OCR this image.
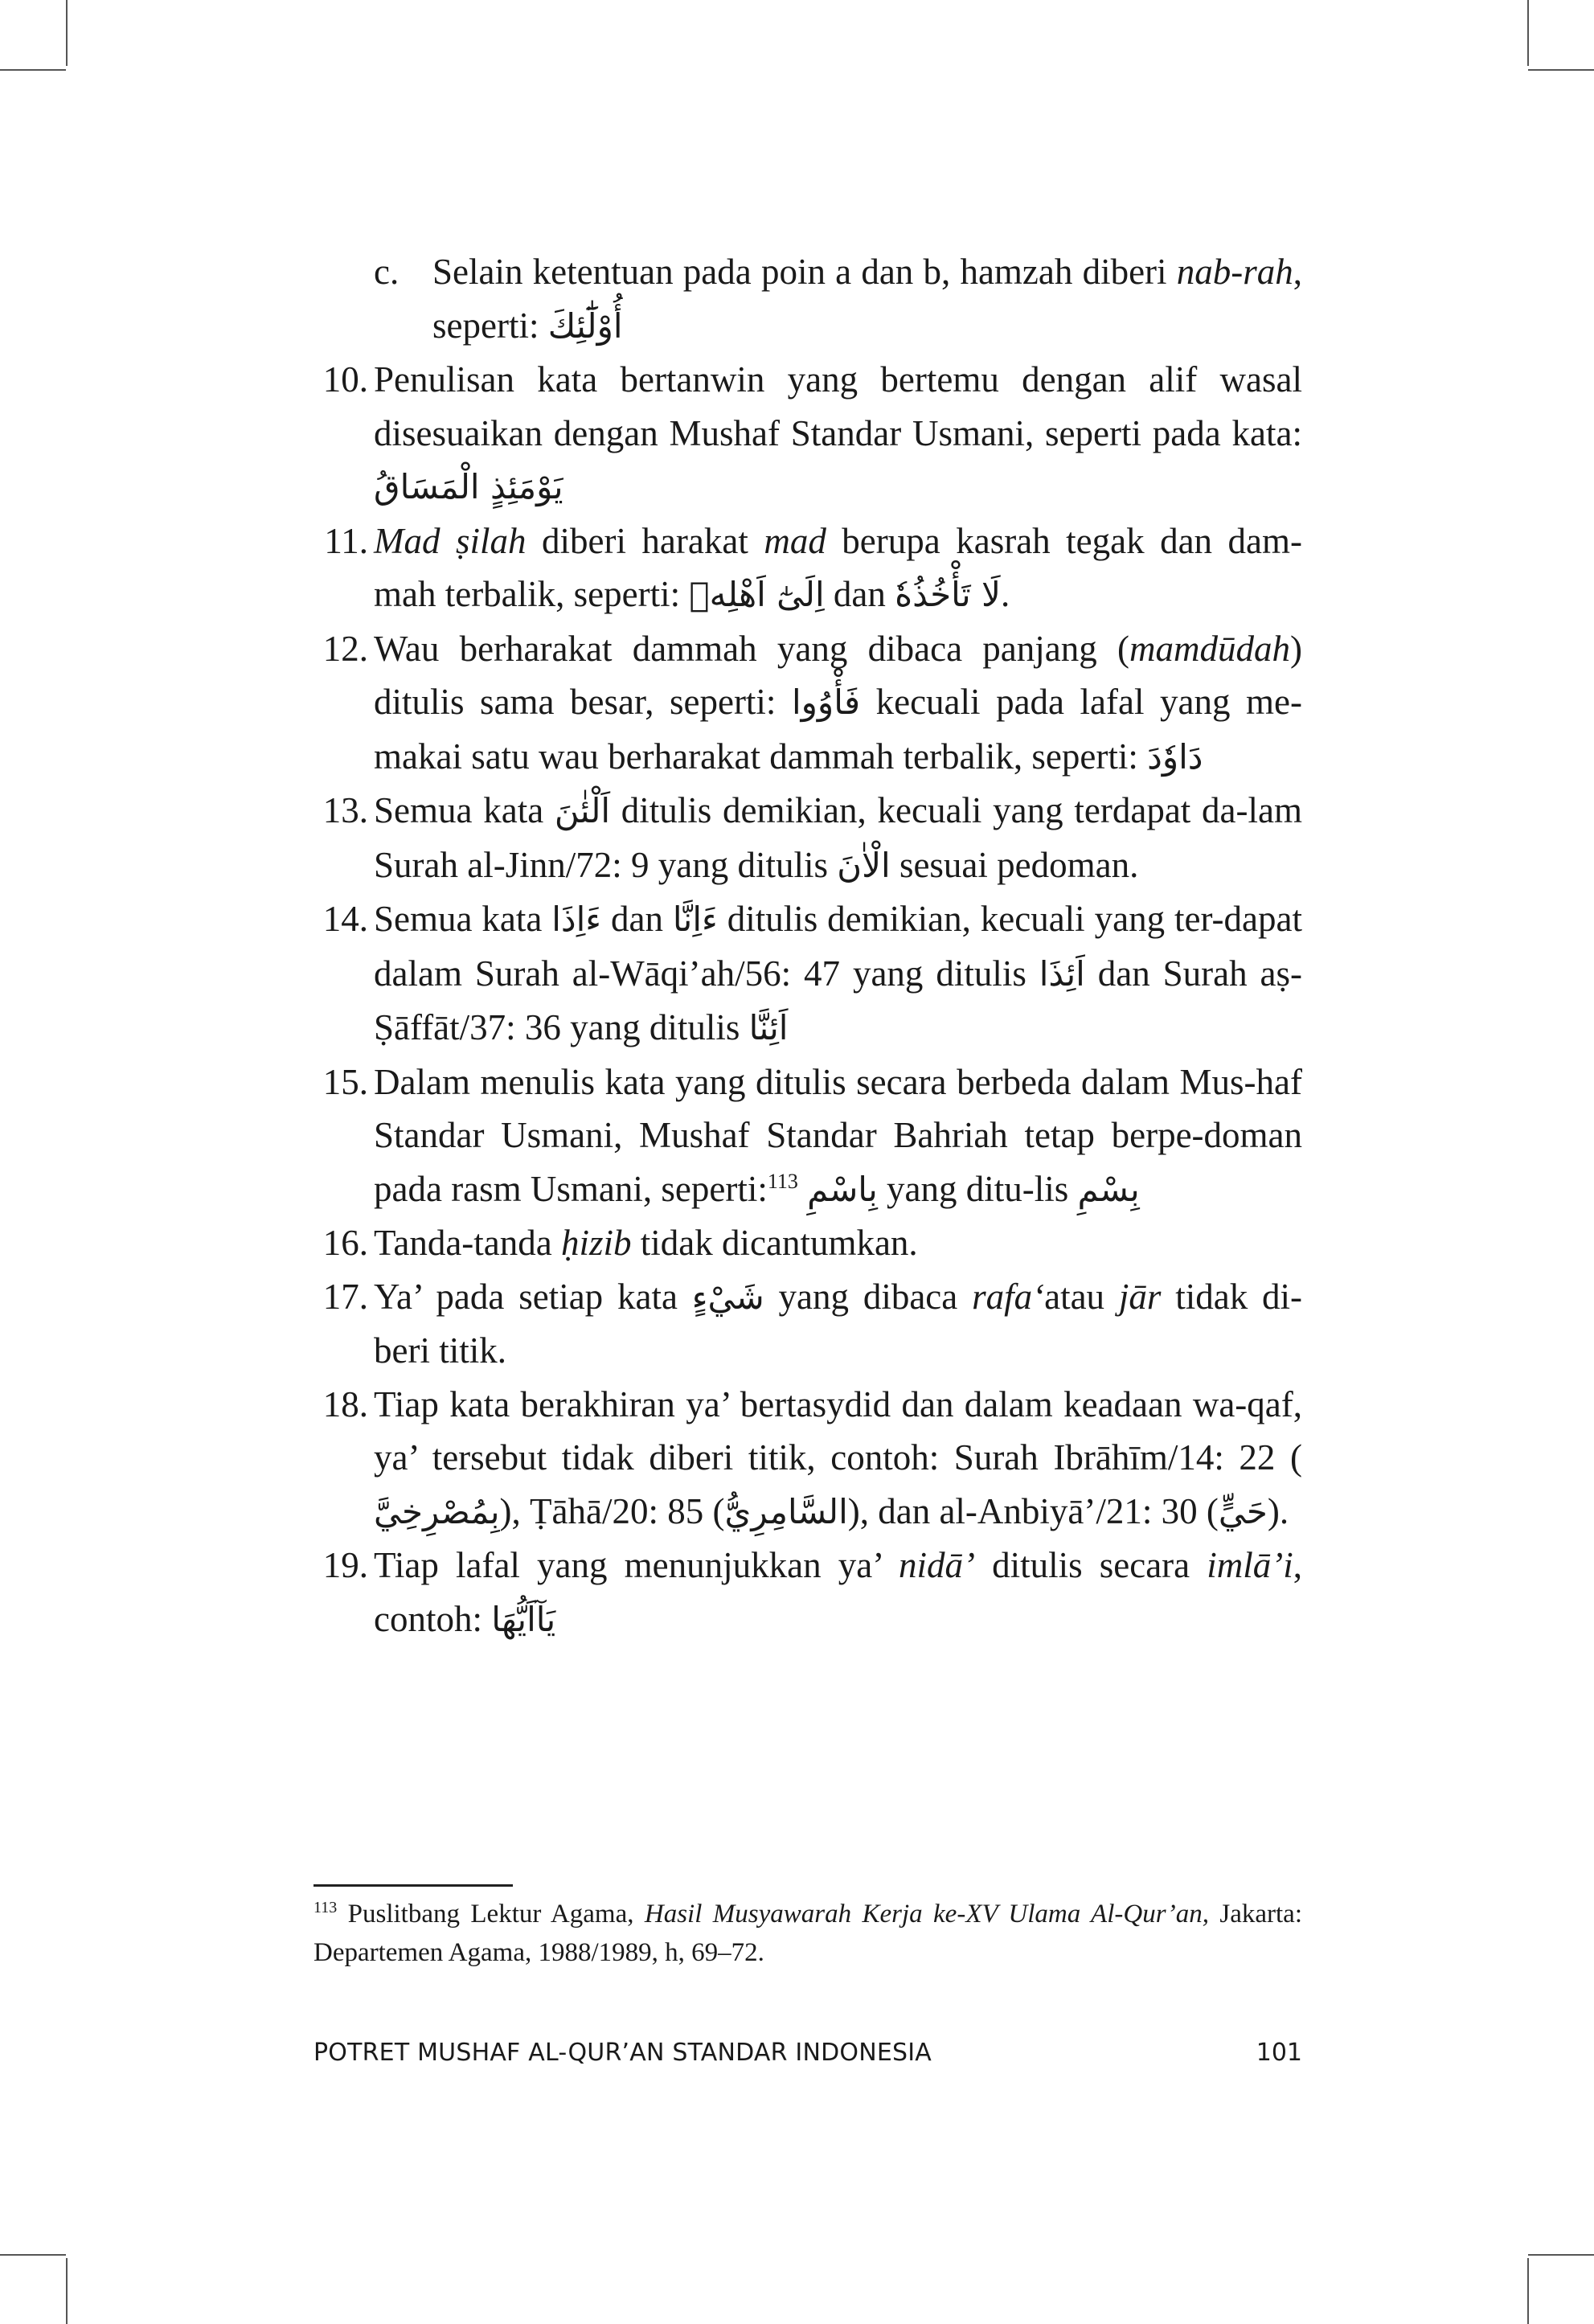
c. Selain ketentuan pada poin a dan b, hamzah diberi nab-rah, seperti: أُوْلَٰٓئِكَ
10. Penulisan kata bertanwin yang bertemu dengan alif wasal disesuaikan dengan Mushaf Standar Usmani, seperti pada kata: يَوْمَئِذٍ الْمَسَاقُ
11. Mad ṣilah diberi harakat mad berupa kasrah tegak dan dam-mah terbalik, seperti: اِلَىٰٓ اَهْلِهٖ dan لَا تَأْخُذُهٗ.
12. Wau berharakat dammah yang dibaca panjang (mamdūdah) ditulis sama besar, seperti: فَأْوُوا kecuali pada lafal yang me-makai satu wau berharakat dammah terbalik, seperti: دَاوٗدَ
13. Semua kata اَلْئٰنَ ditulis demikian, kecuali yang terdapat da-lam Surah al-Jinn/72: 9 yang ditulis الْاٰنَ sesuai pedoman.
14. Semua kata ءَاِذَا dan ءَاِنَّا ditulis demikian, kecuali yang ter-dapat dalam Surah al-Wāqi’ah/56: 47 yang ditulis اَئِذَا dan Surah aṣ-Ṣāffāt/37: 36 yang ditulis اَئِنَّا
15. Dalam menulis kata yang ditulis secara berbeda dalam Mus-haf Standar Usmani, Mushaf Standar Bahriah tetap berpe-doman pada rasm Usmani, seperti:$^{113}$ بِاسْمِ yang ditu-lis بِسْمِ
16. Tanda-tanda ḥizib tidak dicantumkan.
17. Ya’ pada setiap kata شَيْءٍ yang dibaca rafa‘atau jār tidak di-beri titik.
18. Tiap kata berakhiran ya’ bertasydid dan dalam keadaan wa-qaf, ya’ tersebut tidak diberi titik, contoh: Surah Ibrāhīm/14: 22 (بِمُصْرِخِيَّ), Ṭāhā/20: 85 (السَّامِرِيُّ), dan al-Anbiyā’/21: 30 (حَيٍّ).
19. Tiap lafal yang menunjukkan ya’ nidā’ ditulis secara imlā’i, contoh: يَآاَيُّهَا
$^{113}$ Puslitbang Lektur Agama, Hasil Musyawarah Kerja ke-XV Ulama Al-Qur’an, Jakarta: Departemen Agama, 1988/1989, h, 69–72.
POTRET MUSHAF AL-QUR’AN STANDAR INDONESIA	101
